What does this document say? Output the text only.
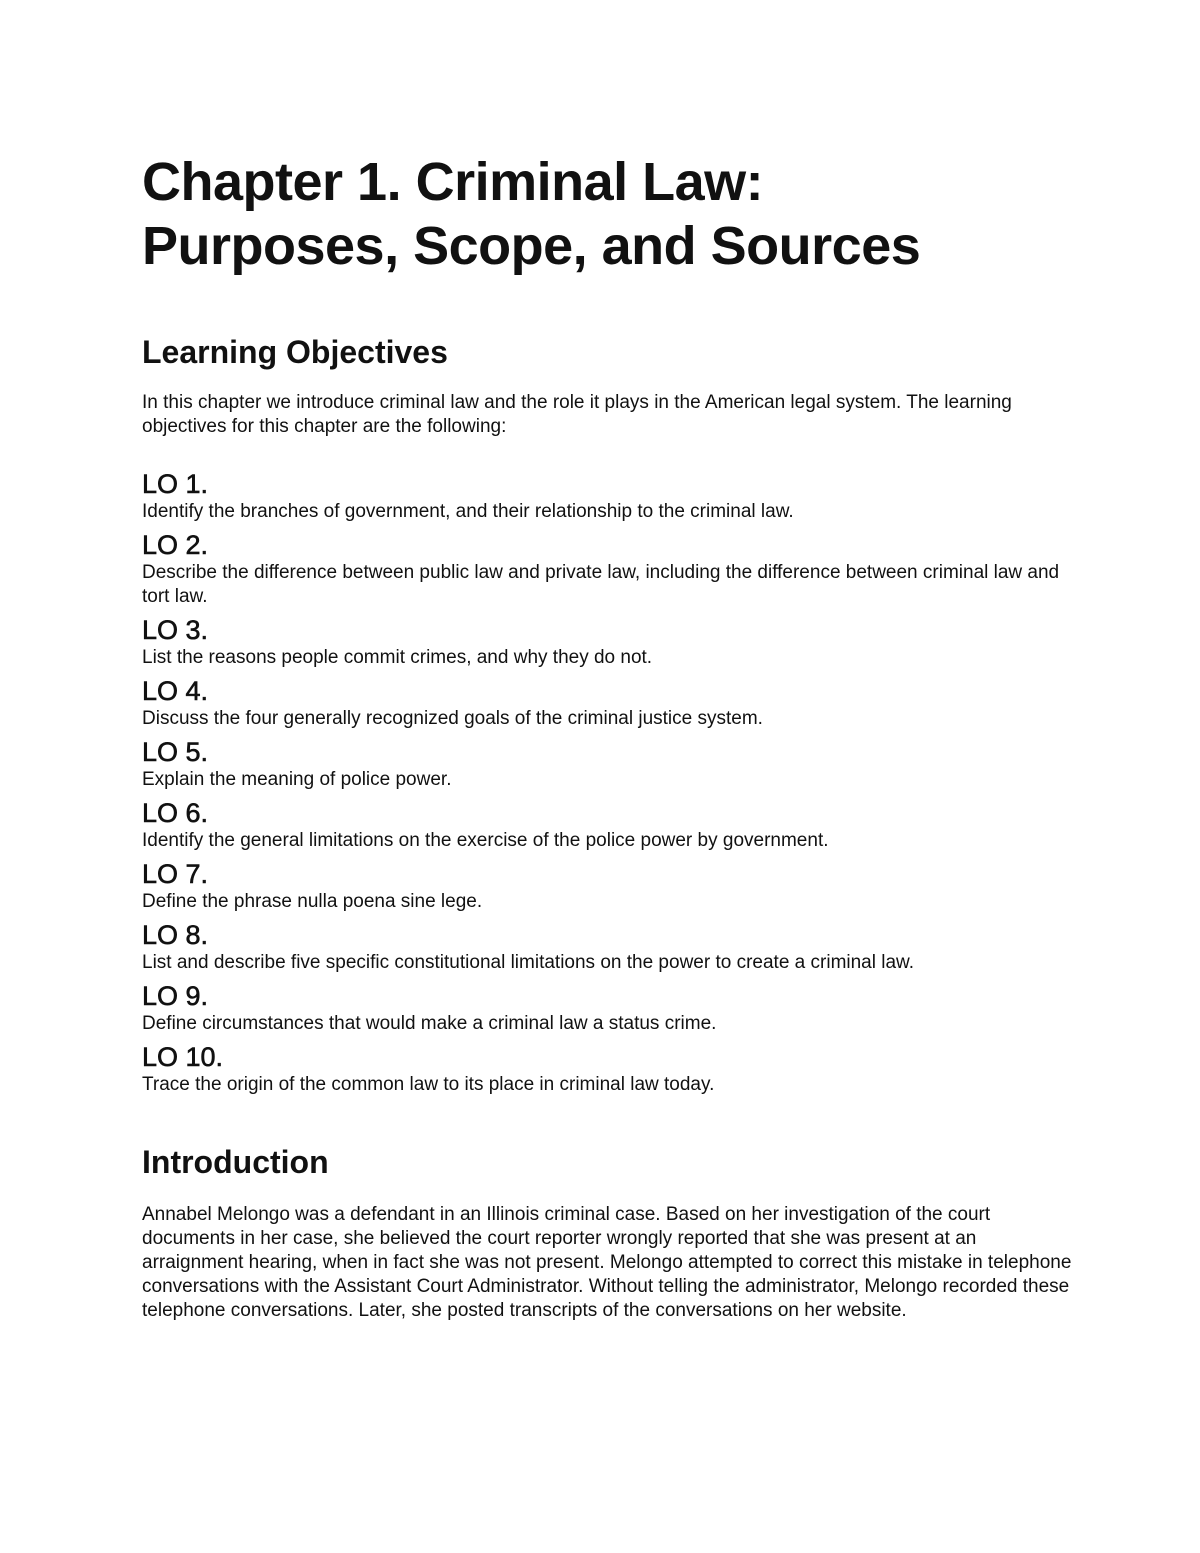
Chapter 1. Criminal Law:
Purposes, Scope, and Sources
Learning Objectives

In this chapter we introduce criminal law and the role it plays in the American legal system. The learning objectives for this chapter are the following:

LO 1.
Identify the branches of government, and their relationship to the criminal law.
LO 2.
Describe the difference between public law and private law, including the difference between criminal law and tort law.
LO 3.
List the reasons people commit crimes, and why they do not.
LO 4.
Discuss the four generally recognized goals of the criminal justice system.
LO 5.
Explain the meaning of police power.
LO 6.
Identify the general limitations on the exercise of the police power by government.
LO 7.
Define the phrase nulla poena sine lege.
LO 8.
List and describe five specific constitutional limitations on the power to create a criminal law.
LO 9.
Define circumstances that would make a criminal law a status crime.
LO 10.
Trace the origin of the common law to its place in criminal law today.
Introduction

Annabel Melongo was a defendant in an Illinois criminal case. Based on her investigation of the court documents in her case, she believed the court reporter wrongly reported that she was present at an arraignment hearing, when in fact she was not present. Melongo attempted to correct this mistake in telephone conversations with the Assistant Court Administrator. Without telling the administrator, Melongo recorded these telephone conversations. Later, she posted transcripts of the conversations on her website.
